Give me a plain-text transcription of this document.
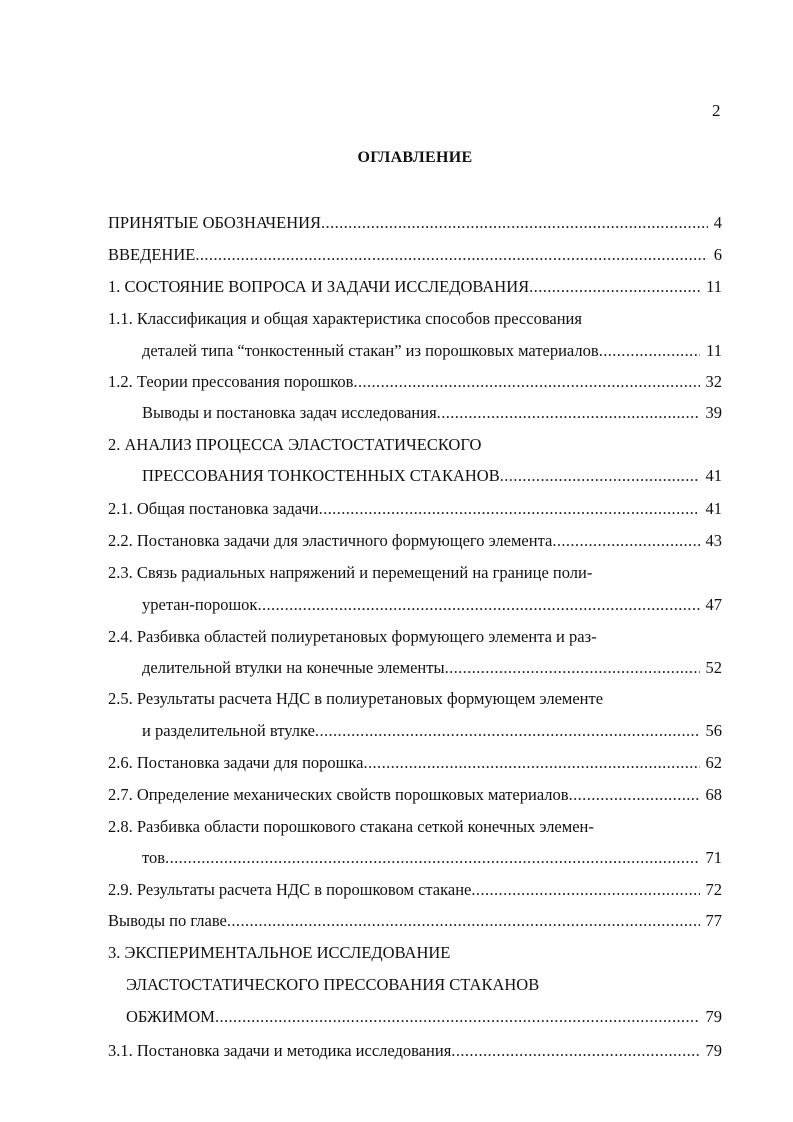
2
ОГЛАВЛЕНИЕ
ПРИНЯТЫЕ ОБОЗНАЧЕНИЯ .....	4
ВВЕДЕНИЕ .....	6
1. СОСТОЯНИЕ ВОПРОСА И ЗАДАЧИ ИССЛЕДОВАНИЯ .....	11
1.1. Классификация и общая характеристика способов прессования
деталей типа “тонкостенный стакан” из порошковых материалов .....	11
1.2. Теории прессования порошков .....	32
Выводы и постановка задач исследования .....	39
2. АНАЛИЗ ПРОЦЕССА ЭЛАСТОСТАТИЧЕСКОГО
ПРЕССОВАНИЯ ТОНКОСТЕННЫХ СТАКАНОВ .....	41
2.1. Общая постановка задачи .....	41
2.2. Постановка задачи для эластичного формующего элемента .....	43
2.3. Связь радиальных напряжений и перемещений на границе поли-
уретан-порошок .....	47
2.4. Разбивка областей полиуретановых формующего элемента и раз-
делительной втулки на конечные элементы .....	52
2.5. Результаты расчета НДС в полиуретановых формующем элементе
и разделительной втулке .....	56
2.6. Постановка задачи для порошка .....	62
2.7. Определение механических свойств порошковых материалов .....	68
2.8. Разбивка области порошкового стакана сеткой конечных элемен-
тов .....	71
2.9. Результаты расчета НДС в порошковом стакане .....	72
Выводы по главе .....	77
3. ЭКСПЕРИМЕНТАЛЬНОЕ ИССЛЕДОВАНИЕ
ЭЛАСТОСТАТИЧЕСКОГО ПРЕССОВАНИЯ СТАКАНОВ
ОБЖИМОМ .....	79
3.1. Постановка задачи и методика исследования .....	79
